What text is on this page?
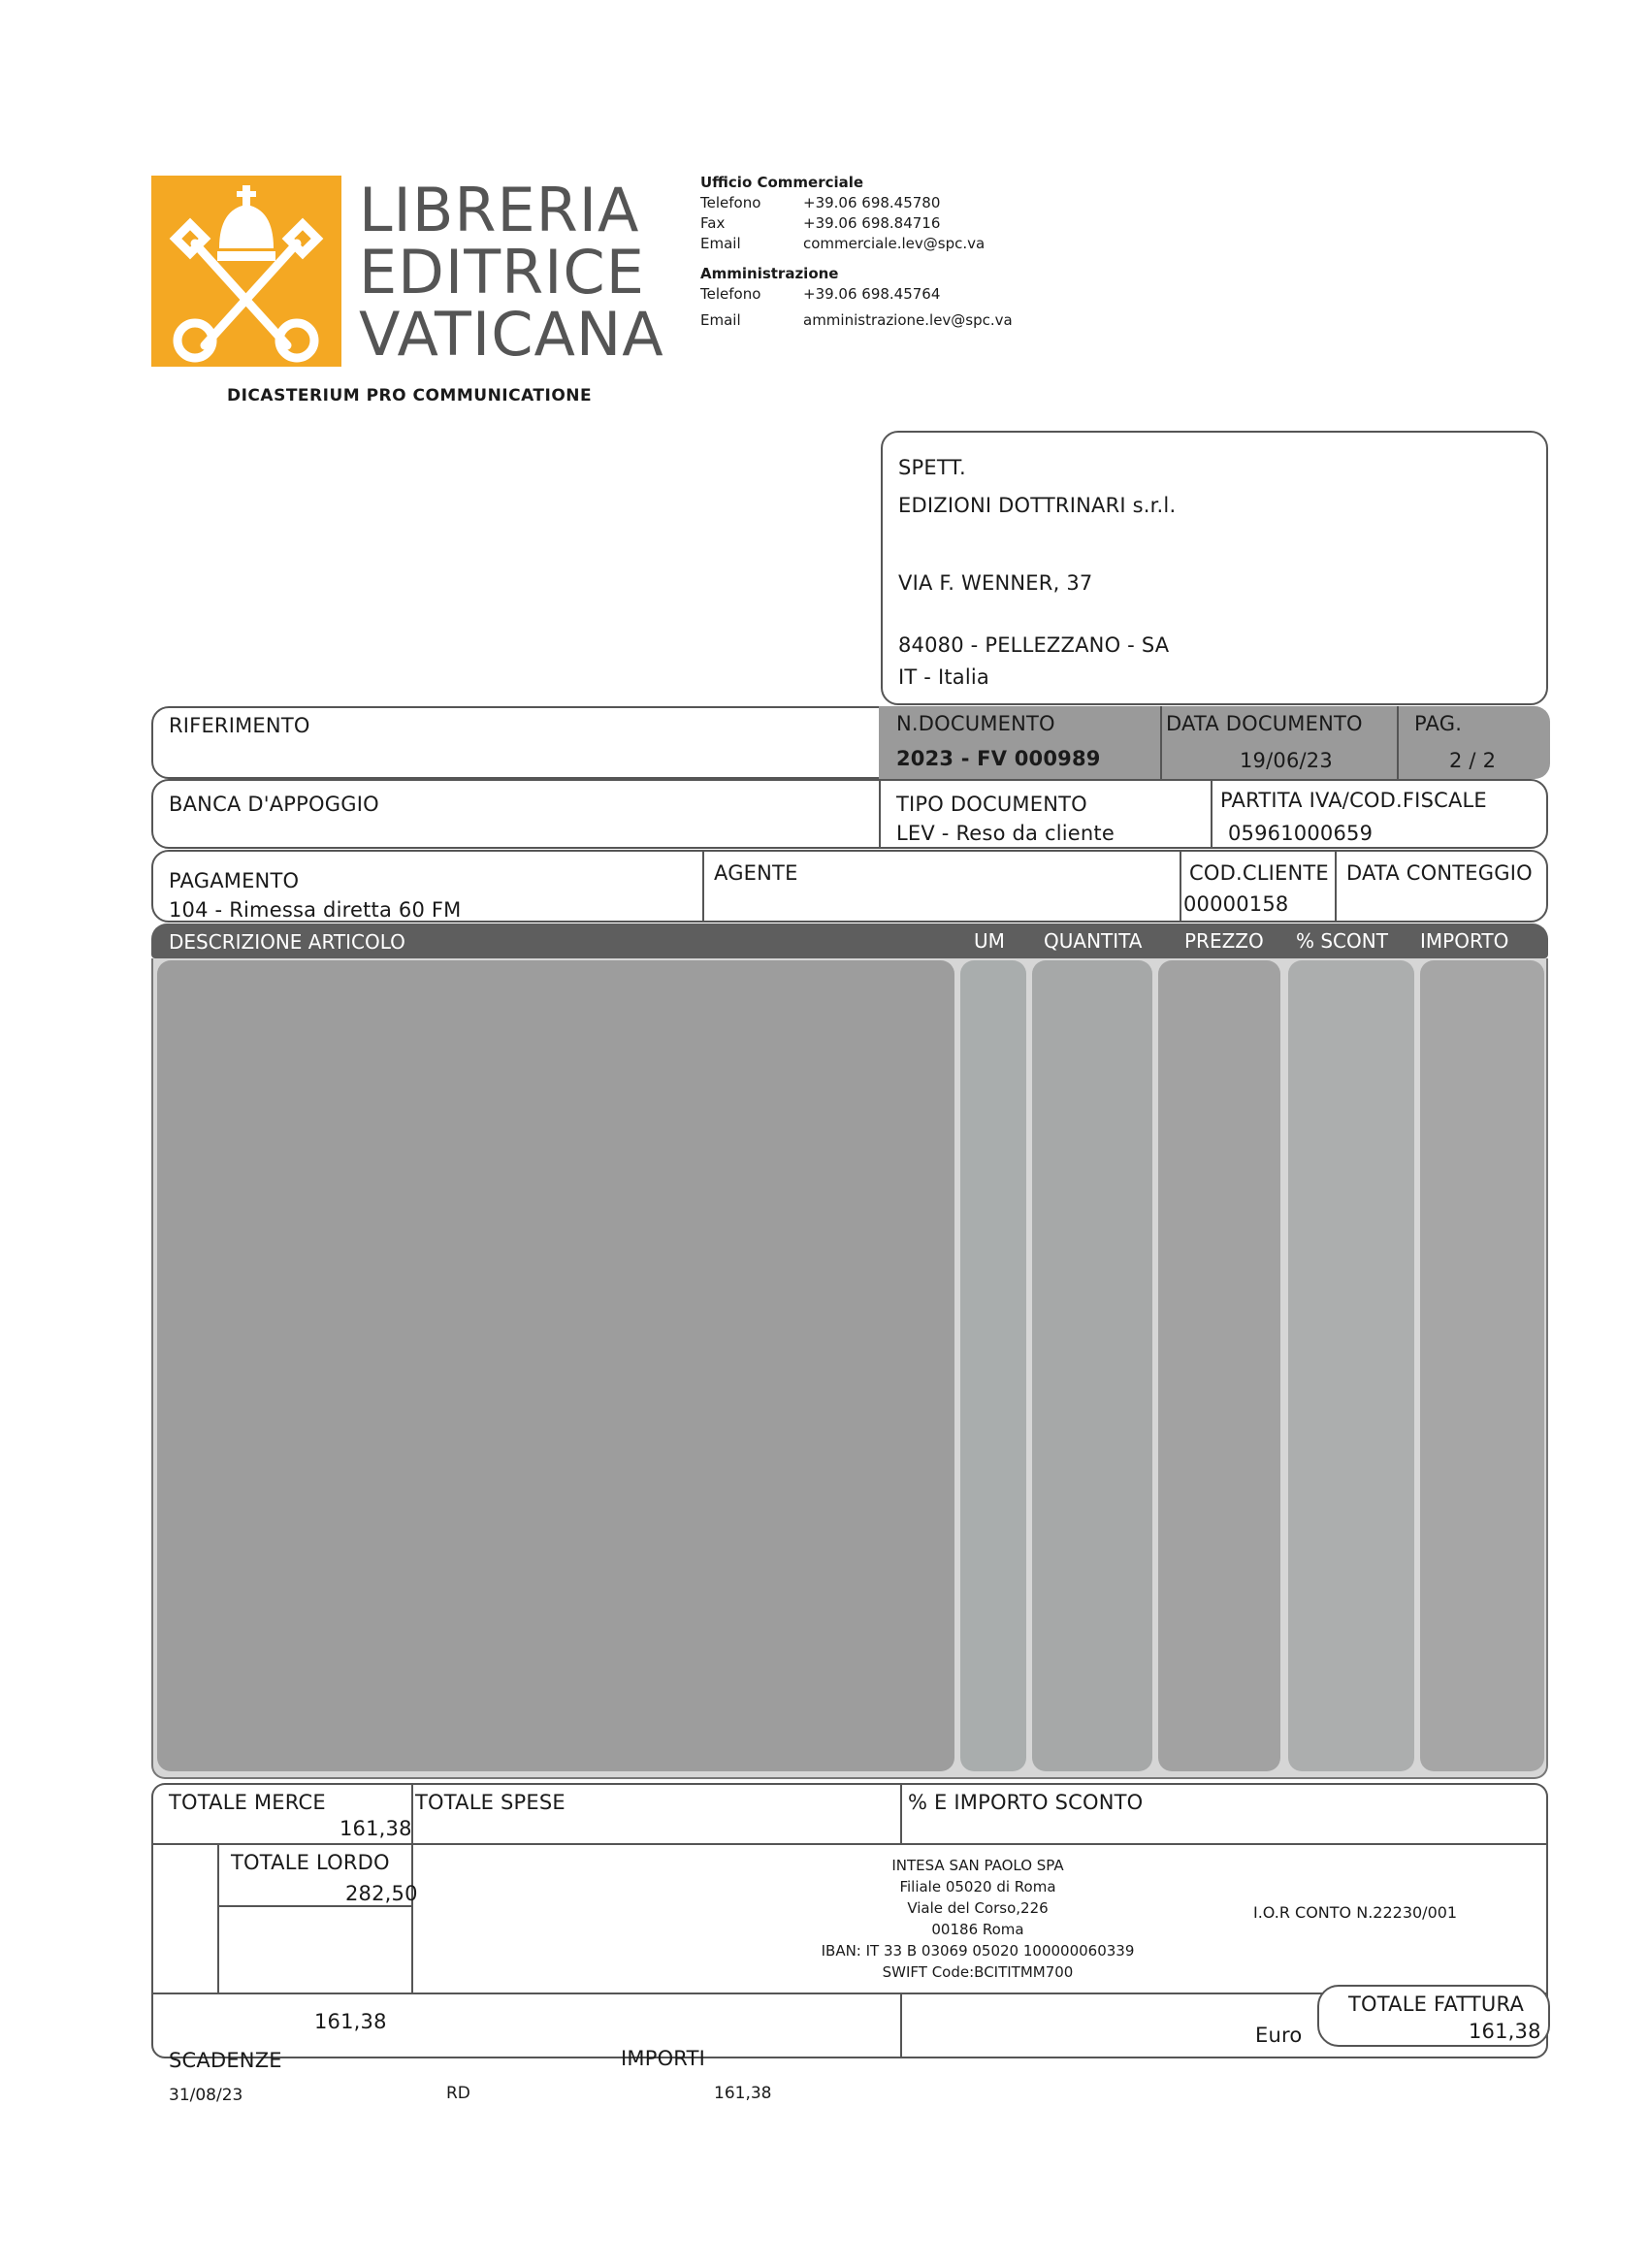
LIBRERIA
EDITRICE
VATICANA
DICASTERIUM PRO COMMUNICATIONE
Ufficio Commerciale
Telefono	+39.06 698.45780
Fax	+39.06 698.84716
Email	commerciale.lev@spc.va
Amministrazione
Telefono	+39.06 698.45764
Email	amministrazione.lev@spc.va
SPETT.
EDIZIONI DOTTRINARI s.r.l.
VIA F. WENNER, 37
84080 - PELLEZZANO - SA
IT - Italia
RIFERIMENTO	N.DOCUMENTO
2023 - FV 000989
DATA DOCUMENTO
19/06/23
PAG.
2 / 2
BANCA D'APPOGGIO	TIPO DOCUMENTO
LEV - Reso da cliente
PARTITA IVA/COD.FISCALE
05961000659
PAGAMENTO
104 - Rimessa diretta 60 FM
AGENTE	COD.CLIENTE
00000158
DATA CONTEGGIO
DESCRIZIONE ARTICOLO	UM QUANTITA PREZZO % SCONT IMPORTO
TOTALE MERCE
161,38
TOTALE SPESE	% E IMPORTO SCONTO
TOTALE LORDO
282,50
INTESA SAN PAOLO SPA
Filiale 05020 di Roma
Viale del Corso,226
00186 Roma
IBAN: IT 33 B 03069 05020 100000060339
SWIFT Code:BCITITMM700
I.O.R CONTO N.22230/001
161,38
Euro
TOTALE FATTURA
161,38
SCADENZE	IMPORTI
31/08/23	RD	161,38
